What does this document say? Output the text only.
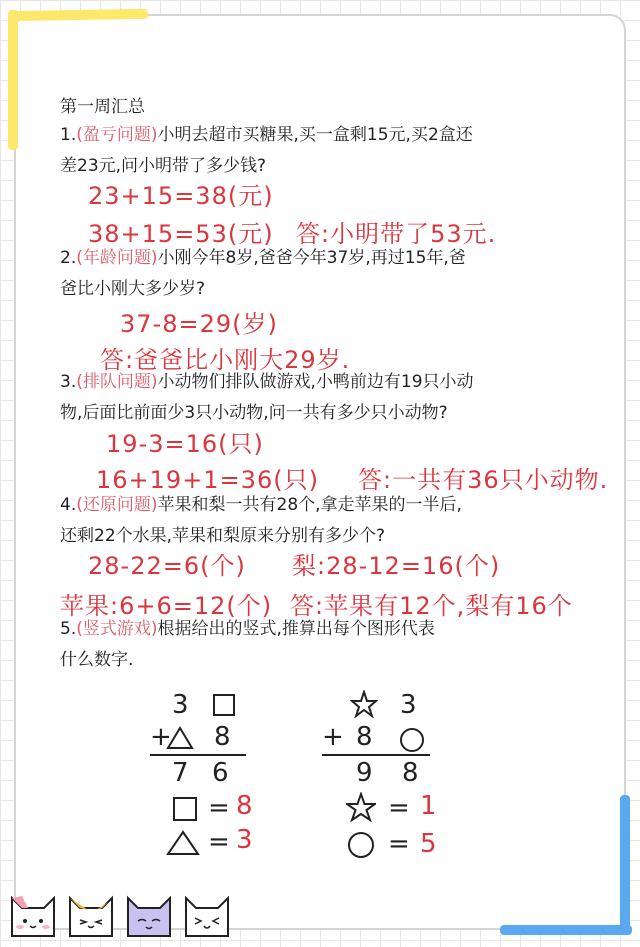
第一周汇总
1.(盈亏问题)小明去超市买糖果,买一盒剩15元,买2盒还
差23元,问小明带了多少钱?
23+15=38(元)
38+15=53(元) 答:小明带了53元.
2.(年龄问题)小刚今年8岁,爸爸今年37岁,再过15年,爸
爸比小刚大多少岁?
37-8=29(岁)
答:爸爸比小刚大29岁.
3.(排队问题)小动物们排队做游戏,小鸭前边有19只小动
物,后面比前面少3只小动物,问一共有多少只小动物?
19-3=16(只)
16+19+1=36(只) 答:一共有36只小动物.
4.(还原问题)苹果和梨一共有28个,拿走苹果的一半后,
还剩22个水果,苹果和梨原来分别有多少个?
28-22=6(个) 梨:28-12=16(个)
苹果:6+6=12(个) 答:苹果有12个,梨有16个
5.(竖式游戏)根据给出的竖式,推算出每个图形代表
什么数字.
3
+ 8
7 6
= 8
= 3
3
+ 8
9 8
= 1
= 5
